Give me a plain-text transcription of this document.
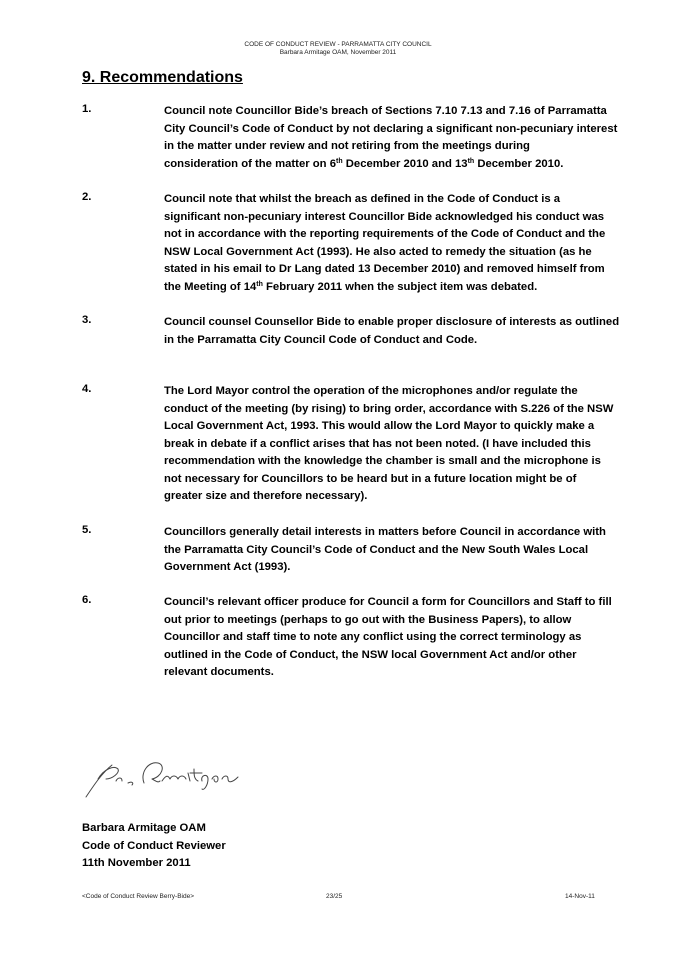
CODE OF CONDUCT REVIEW - PARRAMATTA CITY COUNCIL
Barbara Armitage OAM, November 2011
9. Recommendations
1.	Council note Councillor Bide’s breach of Sections 7.10 7.13 and 7.16 of Parramatta
City Council’s Code of Conduct by not declaring a significant non-pecuniary interest
in the matter under review and not retiring from the meetings during
consideration of the matter on 6th December 2010 and 13th December 2010.
2.	Council note that whilst the breach as defined in the Code of Conduct is a
significant non-pecuniary interest Councillor Bide acknowledged his conduct was
not in accordance with the reporting requirements of the Code of Conduct and the
NSW Local Government Act (1993). He also acted to remedy the situation (as he
stated in his email to Dr Lang dated 13 December 2010) and removed himself from
the Meeting of 14th February 2011 when the subject item was debated.
3.	Council counsel Counsellor Bide to enable proper disclosure of interests as outlined
in the Parramatta City Council Code of Conduct and Code.
4.	The Lord Mayor control the operation of the microphones and/or regulate the
conduct of the meeting (by rising) to bring order, accordance with S.226 of the NSW
Local Government Act, 1993. This would allow the Lord Mayor to quickly make a
break in debate if a conflict arises that has not been noted. (I have included this
recommendation with the knowledge the chamber is small and the microphone is
not necessary for Councillors to be heard but in a future location might be of
greater size and therefore necessary).
5.	Councillors generally detail interests in matters before Council in accordance with
the Parramatta City Council’s Code of Conduct and the New South Wales Local
Government Act (1993).
6.	Council’s relevant officer produce for Council a form for Councillors and Staff to fill
out prior to meetings (perhaps to go out with the Business Papers), to allow
Councillor and staff time to note any conflict using the correct terminology as
outlined in the Code of Conduct, the NSW local Government Act and/or other
relevant documents.
Barbara Armitage OAM
Code of Conduct Reviewer
11th November 2011
<Code of Conduct Review Berry-Bide>	23/25	14-Nov-11
